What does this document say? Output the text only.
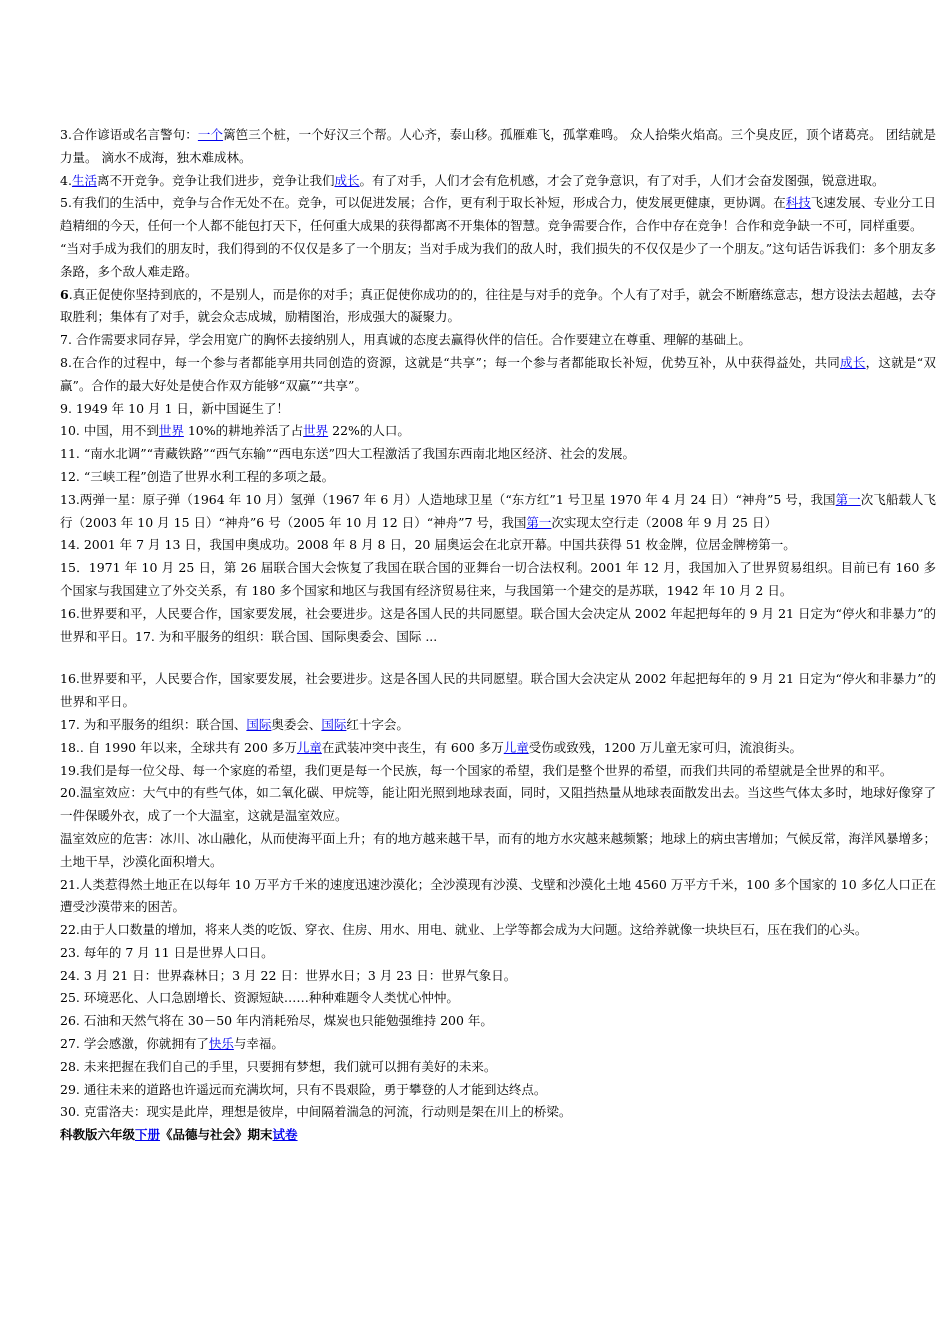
3.合作谚语或名言警句：一个篱笆三个桩，一个好汉三个帮。人心齐，泰山移。孤雁难飞，孤掌难鸣。 众人拾柴火焰高。三个臭皮匠，顶个诸葛亮。 团结就是力量。 滴水不成海，独木难成林。

4.生活离不开竞争。竞争让我们进步，竞争让我们成长。有了对手，人们才会有危机感，才会了竞争意识，有了对手，人们才会奋发图强，锐意进取。

5.有我们的生活中，竞争与合作无处不在。竞争，可以促进发展；合作，更有利于取长补短，形成合力，使发展更健康，更协调。在科技飞速发展、专业分工日趋精细的今天，任何一个人都不能包打天下，任何重大成果的获得都离不开集体的智慧。竞争需要合作，合作中存在竞争！合作和竞争缺一不可，同样重要。

“当对手成为我们的朋友时，我们得到的不仅仅是多了一个朋友；当对手成为我们的敌人时，我们损失的不仅仅是少了一个朋友。”这句话告诉我们：多个朋友多条路，多个敌人难走路。

6.真正促使你坚持到底的，不是别人，而是你的对手；真正促使你成功的的，往往是与对手的竞争。个人有了对手，就会不断磨练意志，想方设法去超越，去夺取胜利；集体有了对手，就会众志成城，励精图治，形成强大的凝聚力。

7. 合作需要求同存异，学会用宽广的胸怀去接纳别人，用真诚的态度去赢得伙伴的信任。合作要建立在尊重、理解的基础上。

8.在合作的过程中，每一个参与者都能享用共同创造的资源，这就是“共享”；每一个参与者都能取长补短，优势互补，从中获得益处，共同成长，这就是“双赢”。合作的最大好处是使合作双方能够“双赢”“共享”。

9. 1949 年 10 月 1 日，新中国诞生了！

10. 中国，用不到世界 10%的耕地养活了占世界 22%的人口。

11. “南水北调”“青藏铁路”“西气东输”“西电东送”四大工程激活了我国东西南北地区经济、社会的发展。

12. “三峡工程”创造了世界水利工程的多项之最。

13.两弹一星：原子弹（1964 年 10 月）氢弹（1967 年 6 月）人造地球卫星（“东方红”1 号卫星 1970 年 4 月 24 日）“神舟”5 号，我国第一次飞船载人飞行（2003 年 10 月 15 日）“神舟”6 号（2005 年 10 月 12 日）“神舟”7 号，我国第一次实现太空行走（2008 年 9 月 25 日）

14. 2001 年 7 月 13 日，我国申奥成功。2008 年 8 月 8 日，20 届奥运会在北京开幕。中国共获得 51 枚金牌，位居金牌榜第一。

15．1971 年 10 月 25 日，第 26 届联合国大会恢复了我国在联合国的亚舞台一切合法权利。2001 年 12 月，我国加入了世界贸易组织。目前已有 160 多个国家与我国建立了外交关系，有 180 多个国家和地区与我国有经济贸易往来，与我国第一个建交的是苏联，1942 年 10 月 2 日。

16.世界要和平，人民要合作，国家要发展，社会要进步。这是各国人民的共同愿望。联合国大会决定从 2002 年起把每年的 9 月 21 日定为“停火和非暴力”的世界和平日。17. 为和平服务的组织：联合国、国际奥委会、国际 ...

16.世界要和平，人民要合作，国家要发展，社会要进步。这是各国人民的共同愿望。联合国大会决定从 2002 年起把每年的 9 月 21 日定为“停火和非暴力”的世界和平日。

17. 为和平服务的组织：联合国、国际奥委会、国际红十字会。

18.. 自 1990 年以来，全球共有 200 多万儿童在武装冲突中丧生，有 600 多万儿童受伤或致残，1200 万儿童无家可归，流浪街头。

19.我们是每一位父母、每一个家庭的希望，我们更是每一个民族，每一个国家的希望，我们是整个世界的希望，而我们共同的希望就是全世界的和平。

20.温室效应：大气中的有些气体，如二氧化碳、甲烷等，能让阳光照到地球表面，同时，又阻挡热量从地球表面散发出去。当这些气体太多时，地球好像穿了一件保暖外衣，成了一个大温室，这就是温室效应。

温室效应的危害：冰川、冰山融化，从而使海平面上升；有的地方越来越干旱，而有的地方水灾越来越频繁；地球上的病虫害增加；气候反常，海洋风暴增多；土地干旱，沙漠化面积增大。

21.人类惹得然土地正在以每年 10 万平方千米的速度迅速沙漠化；全沙漠现有沙漠、戈壁和沙漠化土地 4560 万平方千米，100 多个国家的 10 多亿人口正在遭受沙漠带来的困苦。

22.由于人口数量的增加，将来人类的吃饭、穿衣、住房、用水、用电、就业、上学等都会成为大问题。这给养就像一块块巨石，压在我们的心头。

23. 每年的 7 月 11 日是世界人口日。

24. 3 月 21 日：世界森林日；3 月 22 日：世界水日；3 月 23 日：世界气象日。

25. 环境恶化、人口急剧增长、资源短缺……种种难题令人类忧心忡忡。

26. 石油和天然气将在 30－50 年内消耗殆尽，煤炭也只能勉强维持 200 年。

27. 学会感激，你就拥有了快乐与幸福。

28. 未来把握在我们自己的手里，只要拥有梦想，我们就可以拥有美好的未来。

29. 通往未来的道路也许遥远而充满坎坷，只有不畏艰险，勇于攀登的人才能到达终点。

30. 克雷洛夫：现实是此岸，理想是彼岸，中间隔着湍急的河流，行动则是架在川上的桥梁。

科教版六年级下册《品德与社会》期末试卷
